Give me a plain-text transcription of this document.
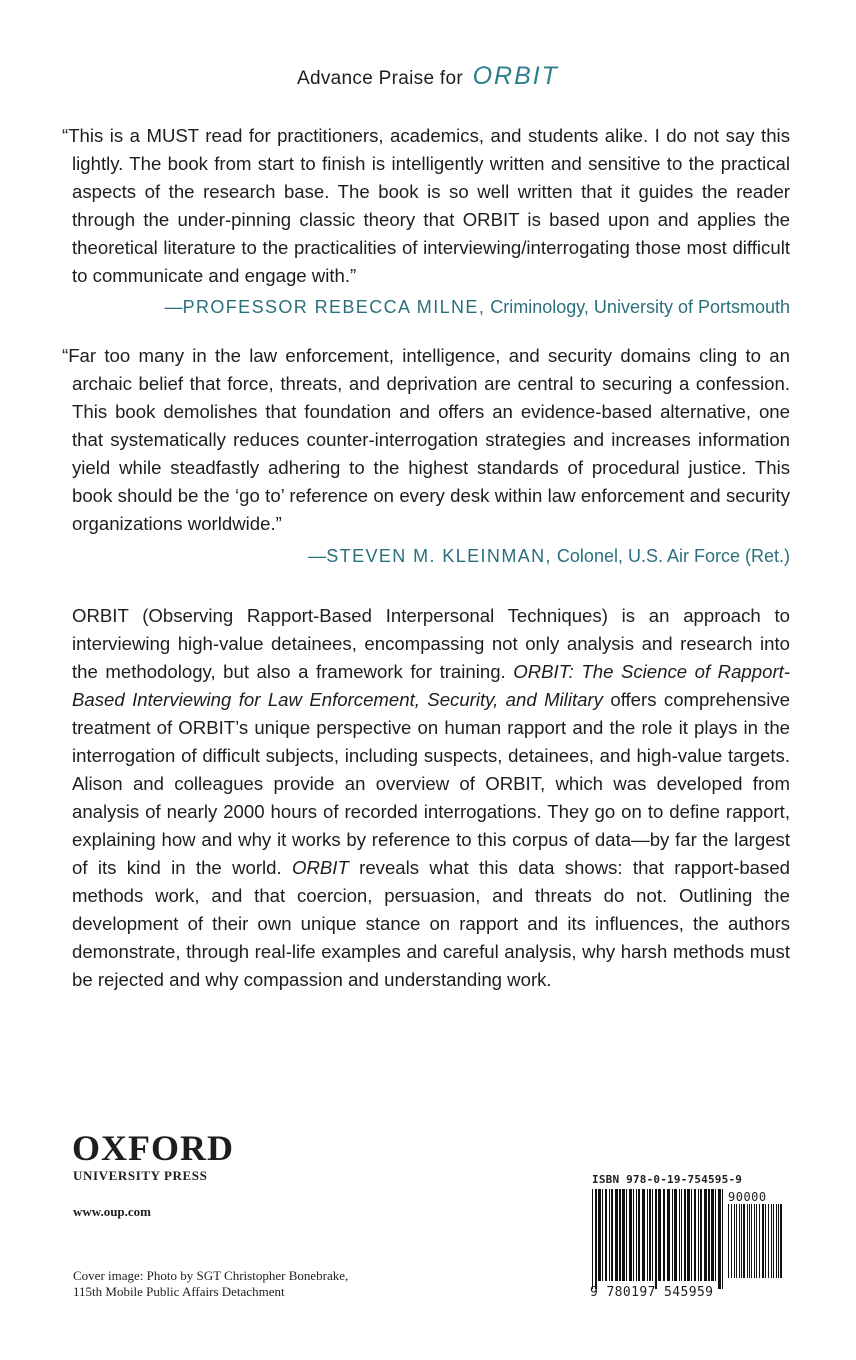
Advance Praise for ORBIT

“This is a MUST read for practitioners, academics, and students alike. I do not say this lightly. The book from start to finish is intelligently written and sensitive to the practical aspects of the research base. The book is so well written that it guides the reader through the under-pinning classic theory that ORBIT is based upon and applies the theoretical literature to the practicalities of interviewing/interrogating those most difficult to communicate and engage with.”

—PROFESSOR REBECCA MILNE, Criminology, University of Portsmouth

“Far too many in the law enforcement, intelligence, and security domains cling to an archaic belief that force, threats, and deprivation are central to securing a confession. This book demolishes that foundation and offers an evidence-based alternative, one that systematically reduces counter-interrogation strategies and increases information yield while steadfastly adhering to the highest standards of procedural justice. This book should be the ‘go to’ reference on every desk within law enforcement and security organizations worldwide.”

—STEVEN M. KLEINMAN, Colonel, U.S. Air Force (Ret.)

ORBIT (Observing Rapport-Based Interpersonal Techniques) is an approach to interviewing high-value detainees, encompassing not only analysis and research into the methodology, but also a framework for training. ORBIT: The Science of Rapport-Based Interviewing for Law Enforcement, Security, and Military offers comprehensive treatment of ORBIT’s unique perspective on human rapport and the role it plays in the interrogation of difficult subjects, including suspects, detainees, and high-value targets. Alison and colleagues provide an overview of ORBIT, which was developed from analysis of nearly 2000 hours of recorded interrogations. They go on to define rapport, explaining how and why it works by reference to this corpus of data—by far the largest of its kind in the world. ORBIT reveals what this data shows: that rapport-based methods work, and that coercion, persuasion, and threats do not. Outlining the development of their own unique stance on rapport and its influences, the authors demonstrate, through real-life examples and careful analysis, why harsh methods must be rejected and why compassion and understanding work.

OXFORD
UNIVERSITY PRESS
www.oup.com
Cover image: Photo by SGT Christopher Bonebrake,
115th Mobile Public Affairs Detachment
ISBN 978-0-19-754595-9
90000
9 780197 545959
